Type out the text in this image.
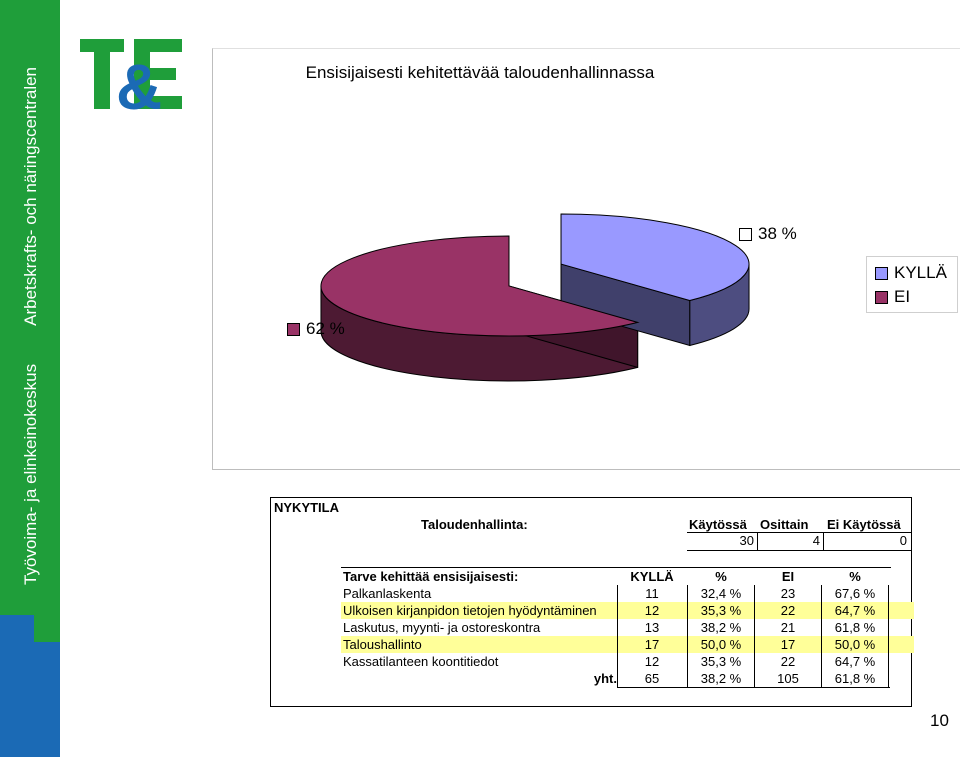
Työvoima- ja elinkeinokeskus
Arbetskrafts- och näringscentralen &	Ensisijaisesti kehitettävää taloudenhallinnassa
38 %
62 %
KYLLÄ
EI
NYKYTILA
Taloudenhallinta:	Käytössä Osittain Ei Käytössä
30	4	0
Tarve kehittää ensisijaisesti:	KYLLÄ	%	EI	%
Palkanlaskenta	11	32,4 %	23	67,6 %
Ulkoisen kirjanpidon tietojen hyödyntäminen	12	35,3 %	22	64,7 %
Laskutus, myynti- ja ostoreskontra	13	38,2 %	21	61,8 %
Taloushallinto	17	50,0 %	17	50,0 %
Kassatilanteen koontitiedot	12	35,3 %	22	64,7 %
yht.	65	38,2 %	105	61,8 %
10
